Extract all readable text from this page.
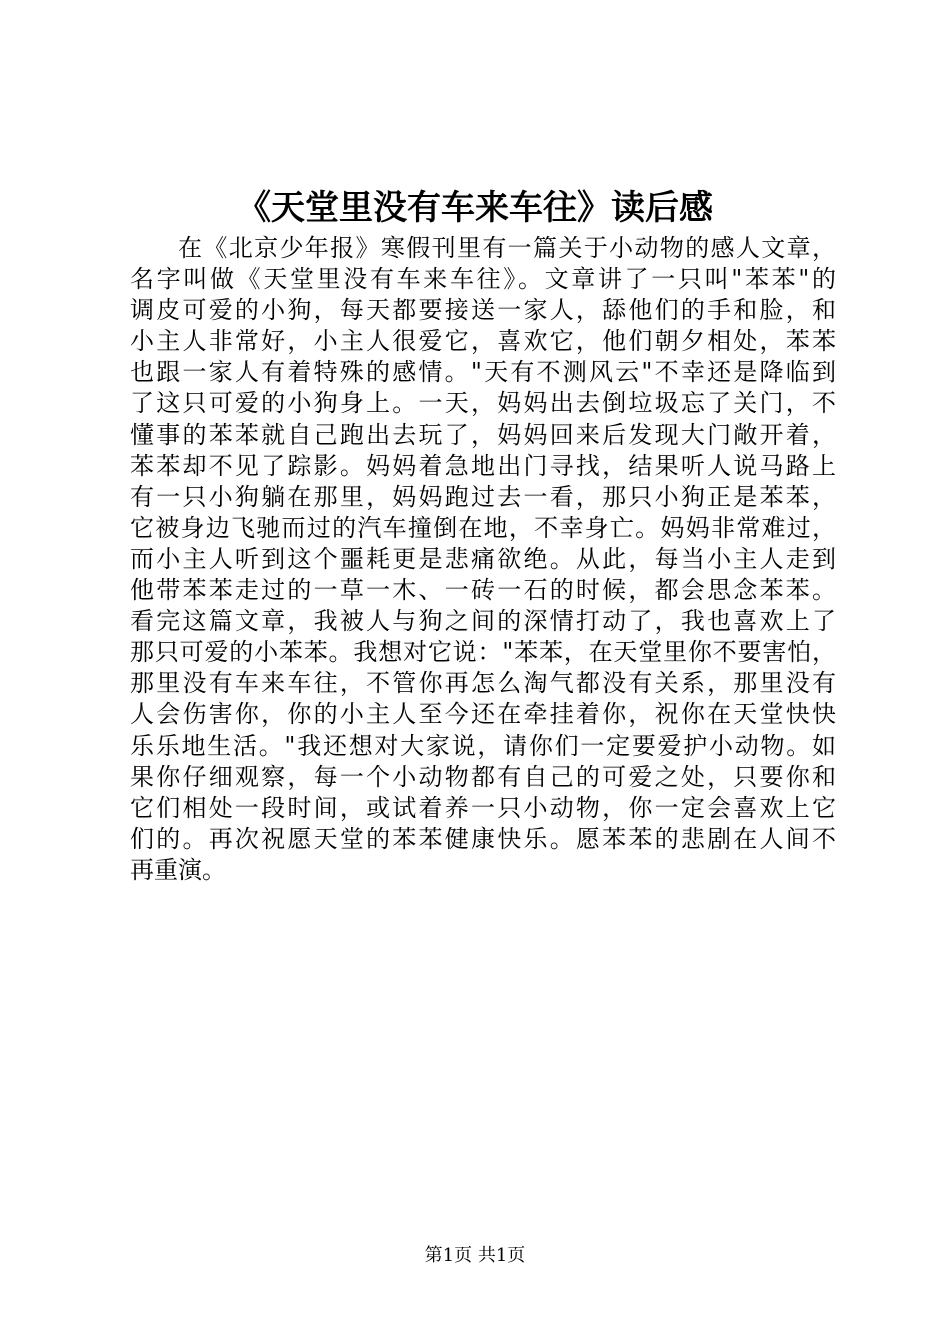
《天堂里没有车来车往》读后感
在《北京少年报》寒假刊里有一篇关于小动物的感人文章，
名字叫做《天堂里没有车来车往》。文章讲了一只叫"苯苯"的
调皮可爱的小狗，每天都要接送一家人，舔他们的手和脸，和
小主人非常好，小主人很爱它，喜欢它，他们朝夕相处，苯苯
也跟一家人有着特殊的感情。"天有不测风云"不幸还是降临到
了这只可爱的小狗身上。一天，妈妈出去倒垃圾忘了关门，不
懂事的苯苯就自己跑出去玩了，妈妈回来后发现大门敞开着，
苯苯却不见了踪影。妈妈着急地出门寻找，结果听人说马路上
有一只小狗躺在那里，妈妈跑过去一看，那只小狗正是苯苯，
它被身边飞驰而过的汽车撞倒在地，不幸身亡。妈妈非常难过，
而小主人听到这个噩耗更是悲痛欲绝。从此，每当小主人走到
他带苯苯走过的一草一木、一砖一石的时候，都会思念苯苯。
看完这篇文章，我被人与狗之间的深情打动了，我也喜欢上了
那只可爱的小苯苯。我想对它说："苯苯，在天堂里你不要害怕，
那里没有车来车往，不管你再怎么淘气都没有关系，那里没有
人会伤害你，你的小主人至今还在牵挂着你，祝你在天堂快快
乐乐地生活。"我还想对大家说，请你们一定要爱护小动物。如
果你仔细观察，每一个小动物都有自己的可爱之处，只要你和
它们相处一段时间，或试着养一只小动物，你一定会喜欢上它
们的。再次祝愿天堂的苯苯健康快乐。愿苯苯的悲剧在人间不
再重演。
第1页 共1页
